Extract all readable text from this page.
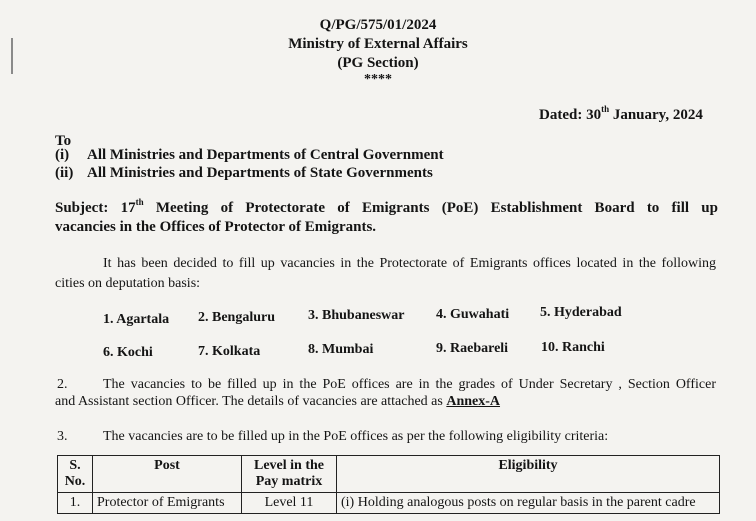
Q/PG/575/01/2024
Ministry of External Affairs
(PG Section)
****
Dated: 30th January, 2024
To
(i) All Ministries and Departments of Central Government
(ii) All Ministries and Departments of State Governments
Subject: 17th Meeting of Protectorate of Emigrants (PoE) Establishment Board to fill up
vacancies in the Offices of Protector of Emigrants.
It has been decided to fill up vacancies in the Protectorate of Emigrants offices located in the following
cities on deputation basis:
1. Agartala 2. Bengaluru 3. Bhubaneswar 4. Guwahati 5. Hyderabad
6. Kochi	7. Kolkata	8. Mumbai	9. Raebareli 10. Ranchi
2.	The vacancies to be filled up in the PoE offices are in the grades of Under Secretary , Section Officer
and Assistant section Officer. The details of vacancies are attached as Annex-A
3.	The vacancies are to be filled up in the PoE offices as per the following eligibility criteria:
S. No.	Post	Level in the Pay matrix	Eligibility
1.	Protector of Emigrants	Level 11	(i) Holding analogous posts on regular basis in the parent cadre
